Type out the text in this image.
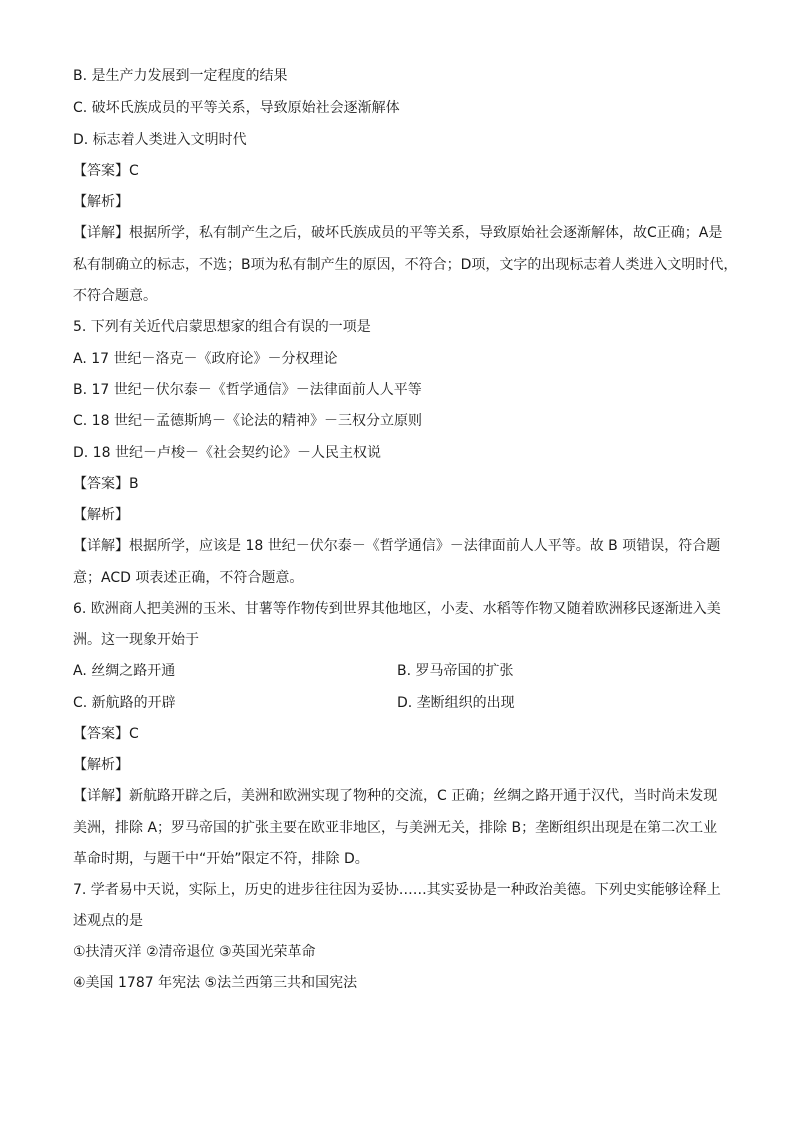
B. 是生产力发展到一定程度的结果
C. 破坏氏族成员的平等关系，导致原始社会逐渐解体
D. 标志着人类进入文明时代
【答案】C
【解析】
【详解】根据所学，私有制产生之后，破坏氏族成员的平等关系，导致原始社会逐渐解体，故C正确；A是
私有制确立的标志，不选；B项为私有制产生的原因，不符合；D项，文字的出现标志着人类进入文明时代，
不符合题意。
5. 下列有关近代启蒙思想家的组合有误的一项是
A. 17 世纪－洛克－《政府论》－分权理论
B. 17 世纪－伏尔泰－《哲学通信》－法律面前人人平等
C. 18 世纪－孟德斯鸠－《论法的精神》－三权分立原则
D. 18 世纪－卢梭－《社会契约论》－人民主权说
【答案】B
【解析】
【详解】根据所学，应该是 18 世纪－伏尔泰－《哲学通信》－法律面前人人平等。故 B 项错误，符合题
意；ACD 项表述正确，不符合题意。
6. 欧洲商人把美洲的玉米、甘薯等作物传到世界其他地区，小麦、水稻等作物又随着欧洲移民逐渐进入美
洲。这一现象开始于
A. 丝绸之路开通	B. 罗马帝国的扩张
C. 新航路的开辟	D. 垄断组织的出现
【答案】C
【解析】
【详解】新航路开辟之后，美洲和欧洲实现了物种的交流，C 正确；丝绸之路开通于汉代，当时尚未发现
美洲，排除 A；罗马帝国的扩张主要在欧亚非地区，与美洲无关，排除 B；垄断组织出现是在第二次工业
革命时期，与题干中“开始”限定不符，排除 D。
7. 学者易中天说，实际上，历史的进步往往因为妥协……其实妥协是一种政治美德。下列史实能够诠释上
述观点的是
①扶清灭洋 ②清帝退位 ③英国光荣革命
④美国 1787 年宪法 ⑤法兰西第三共和国宪法
